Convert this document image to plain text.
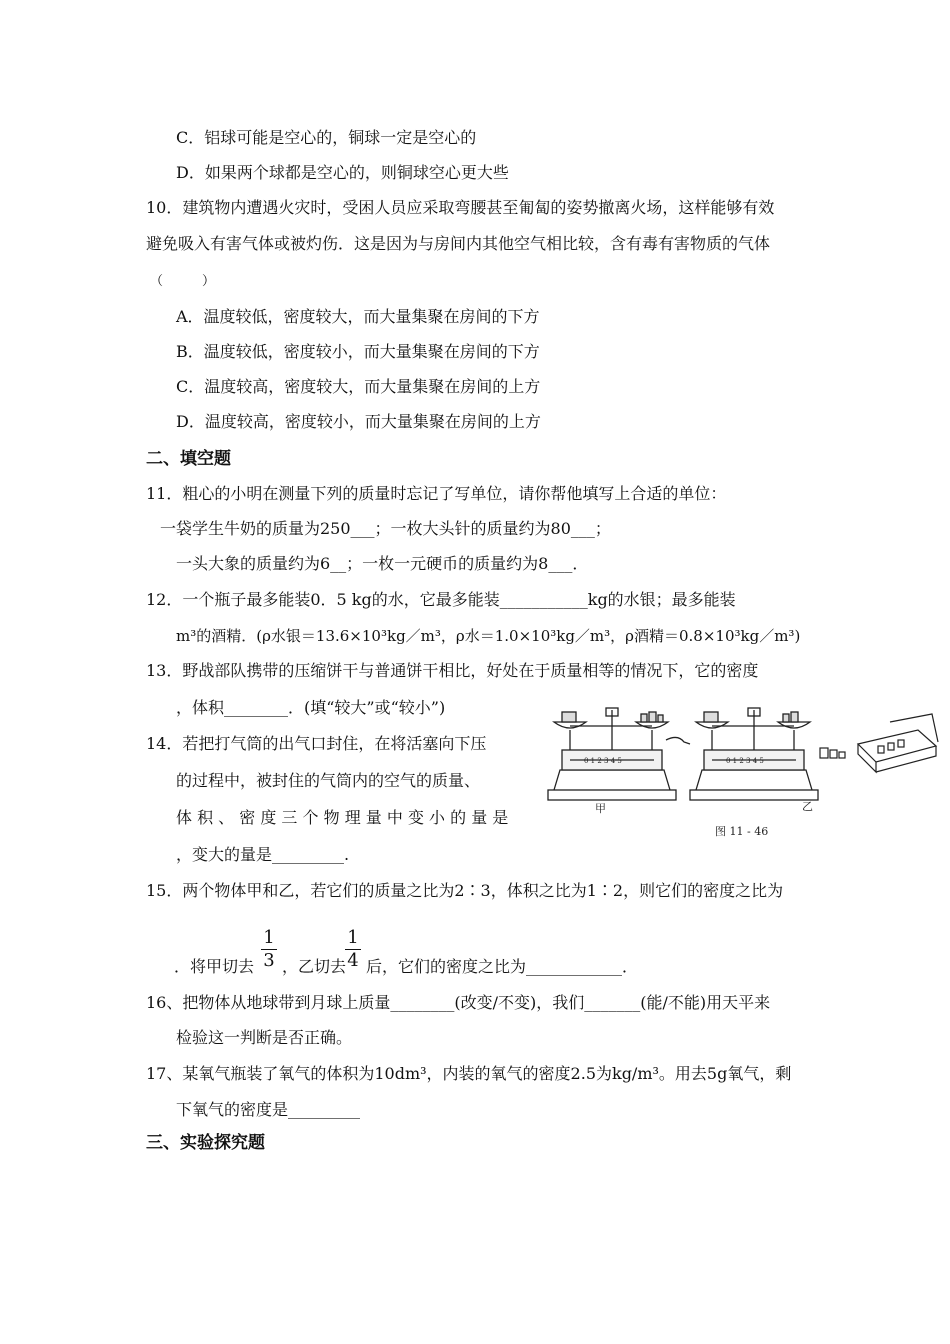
C．铝球可能是空心的，铜球一定是空心的
D．如果两个球都是空心的，则铜球空心更大些
10．建筑物内遭遇火灾时，受困人员应采取弯腰甚至匍匐的姿势撤离火场，这样能够有效
避免吸入有害气体或被灼伤．这是因为与房间内其他空气相比较，含有毒有害物质的气体
（　　　）
A．温度较低，密度较大，而大量集聚在房间的下方
B．温度较低，密度较小，而大量集聚在房间的下方
C．温度较高，密度较大，而大量集聚在房间的上方
D．温度较高，密度较小，而大量集聚在房间的上方
二、填空题
11．粗心的小明在测量下列的质量时忘记了写单位，请你帮他填写上合适的单位：
一袋学生牛奶的质量为250___；一枚大头针的质量约为80___；
一头大象的质量约为6__；一枚一元硬币的质量约为8___．
12．一个瓶子最多能装0．5 kg的水，它最多能装___________kg的水银；最多能装
m³的酒精．(ρ水银＝13.6×10³kg／m³，ρ水＝1.0×10³kg／m³，ρ酒精＝0.8×10³kg／m³)
13．野战部队携带的压缩饼干与普通饼干相比，好处在于质量相等的情况下，它的密度
，体积________．(填“较大”或“较小”)
14．若把打气筒的出气口封住，在将活塞向下压
的过程中，被封住的气筒内的空气的质量、
体 积 、 密 度 三 个 物 理 量 中 变 小 的 量 是
，变大的量是_________.
15．两个物体甲和乙，若它们的质量之比为2∶3，体积之比为1∶2，则它们的密度之比为
．将甲切去
1
3 ，乙切去
1
4 后，它们的密度之比为____________．
16、把物体从地球带到月球上质量________(改变/不变)，我们_______(能/不能)用天平来
检验这一判断是否正确。
17、某氧气瓶装了氧气的体积为10dm³，内装的氧气的密度2.5为kg/m³。用去5g氧气，剩
下氧气的密度是_________
三、实验探究题
0 1 2 3 4 5
甲
0 1 2 3 4 5
乙
图 11 - 46
